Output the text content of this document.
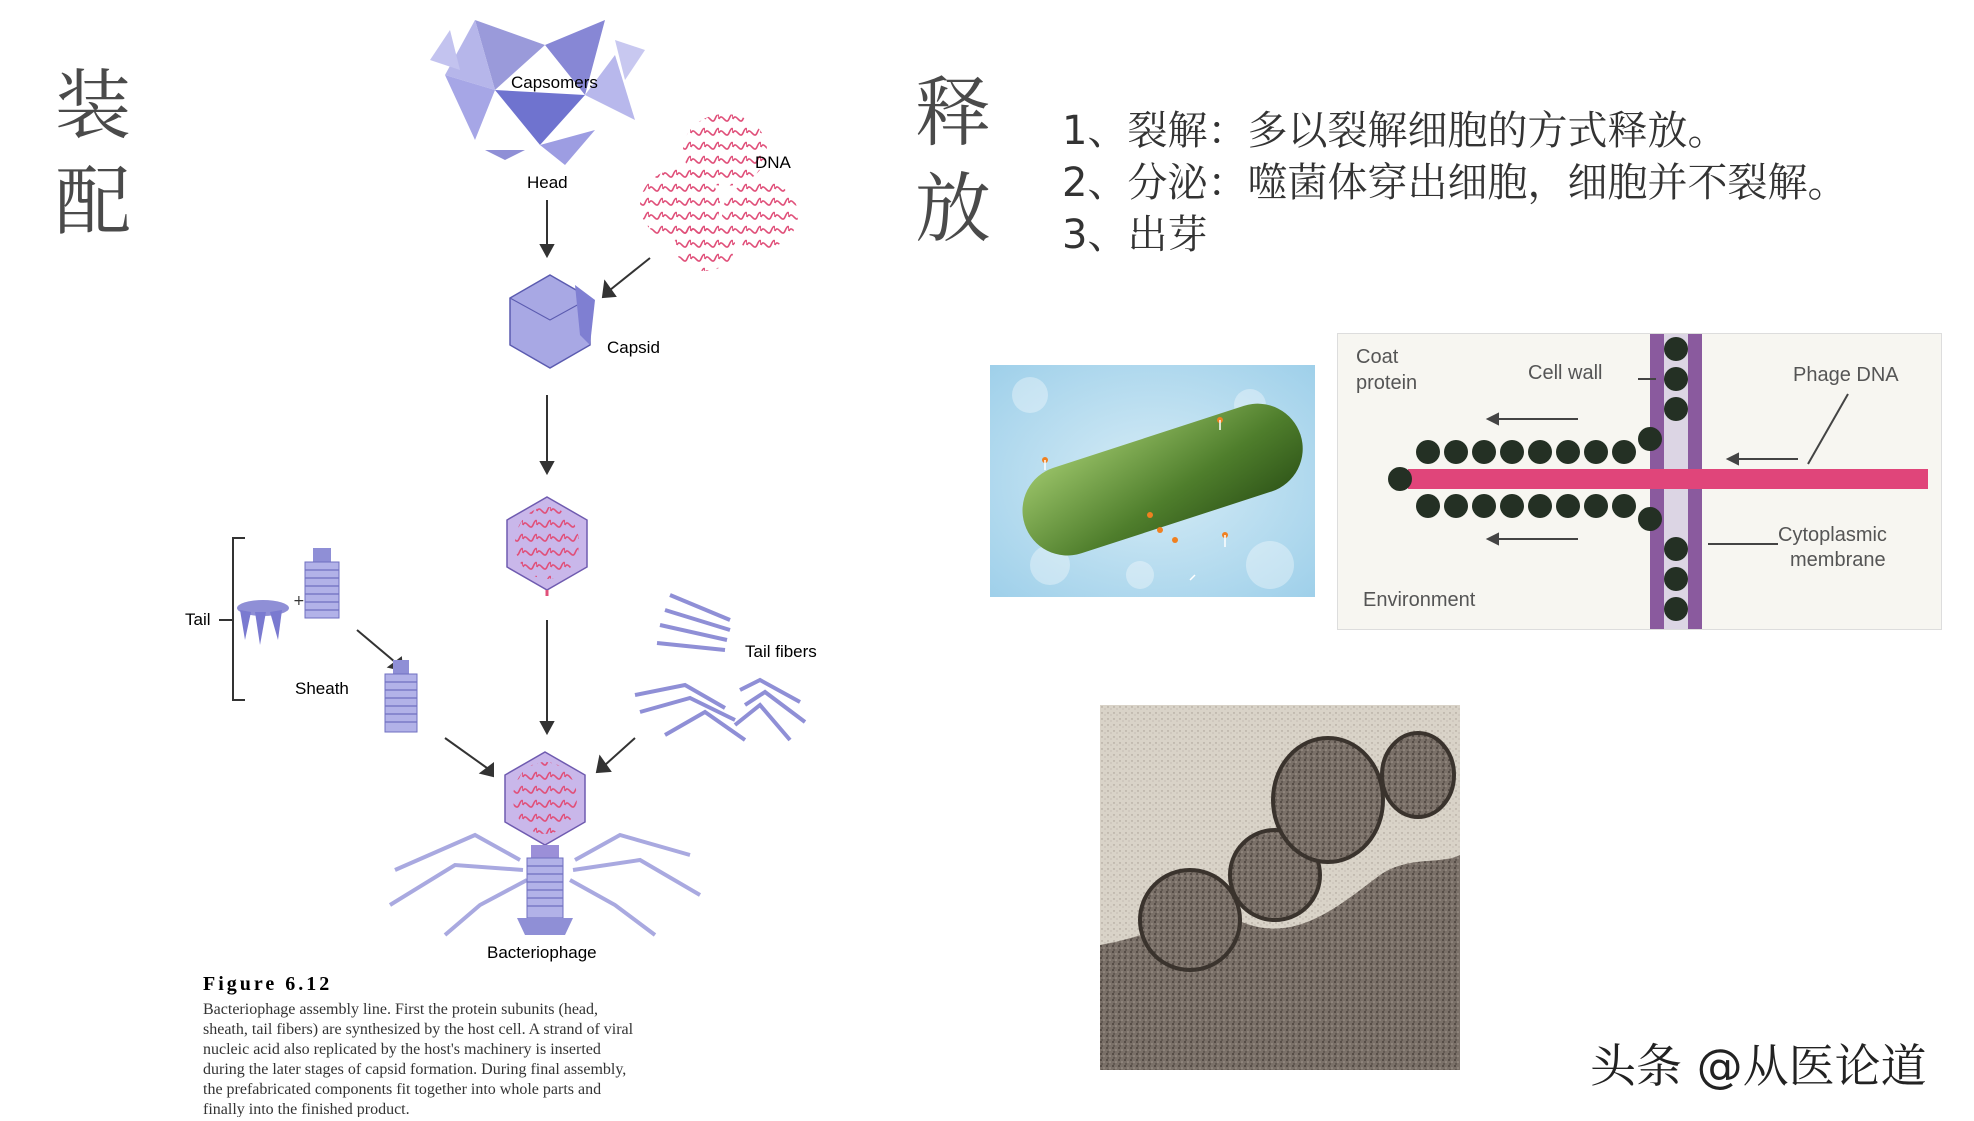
装
配
Capsomers
DNA
Head
Capsid
Tail
+
Sheath
Tail fibers
Bacteriophage
Figure 6.12
Bacteriophage assembly line. First the protein subunits (head,
sheath, tail fibers) are synthesized by the host cell. A strand of viral
nucleic acid also replicated by the host's machinery is inserted
during the later stages of capsid formation. During final assembly,
the prefabricated components fit together into whole parts and
finally into the finished product.
释
放
1、裂解：多以裂解细胞的方式释放。
2、分泌：噬菌体穿出细胞，细胞并不裂解。
3、出芽
Coat
protein	Cell wall	Phage DNA
Cytoplasmic
membrane
Environment
头条 @从医论道
